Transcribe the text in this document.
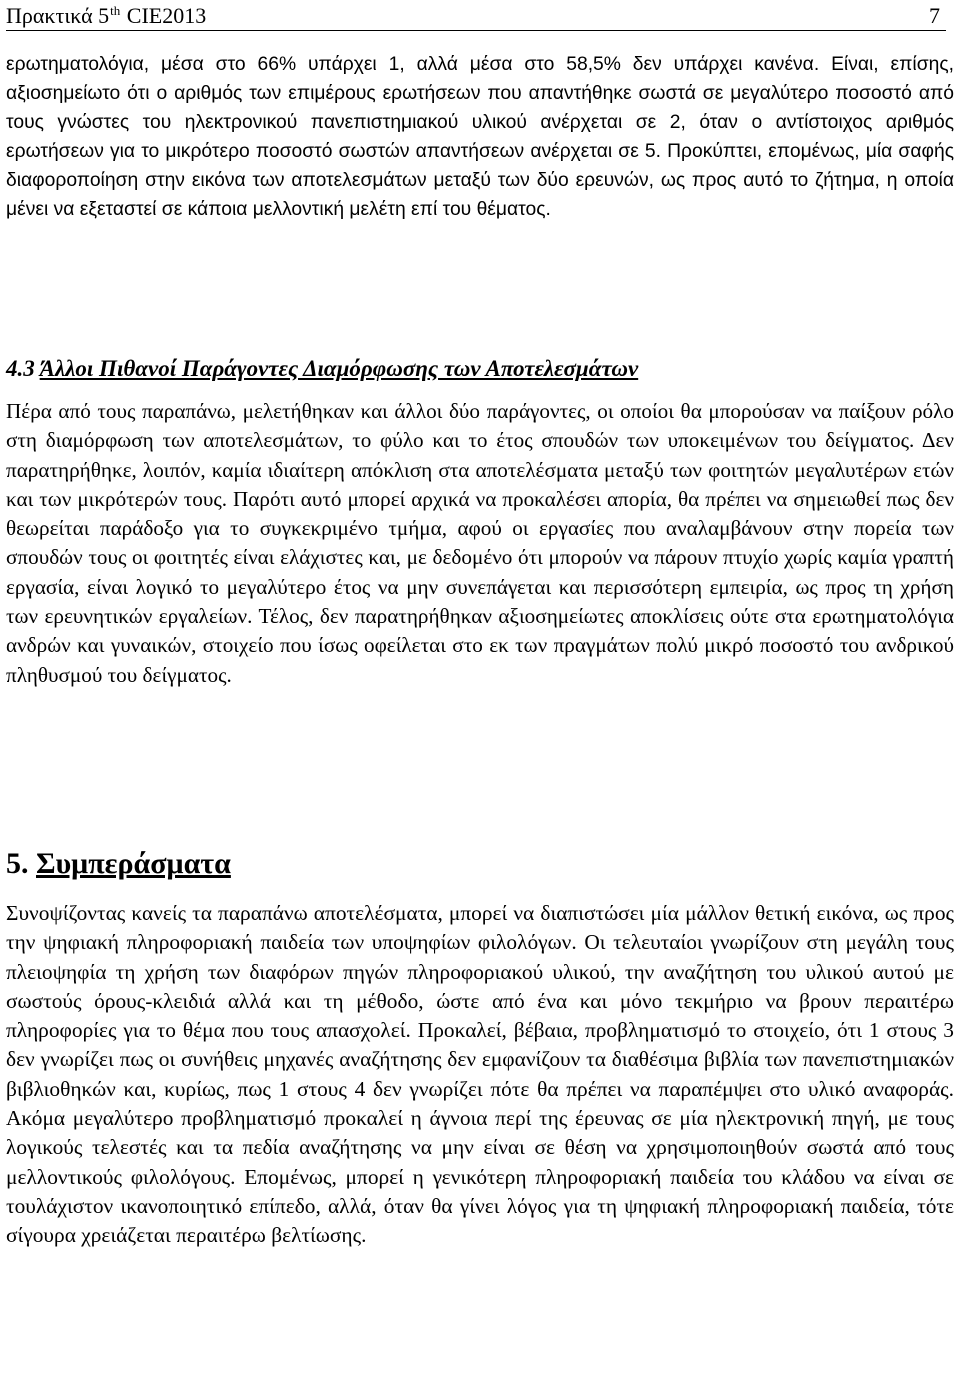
Πρακτικά 5th CIE2013	7

ερωτηματολόγια, μέσα στο 66% υπάρχει 1, αλλά μέσα στο 58,5% δεν υπάρχει κανένα. Είναι, επίσης, αξιοσημείωτο ότι ο αριθμός των επιμέρους ερωτήσεων που απαντήθηκε σωστά σε μεγαλύτερο ποσοστό από τους γνώστες του ηλεκτρονικού πανεπιστημιακού υλικού ανέρχεται σε 2, όταν ο αντίστοιχος αριθμός ερωτήσεων για το μικρότερο ποσοστό σωστών απαντήσεων ανέρχεται σε 5. Προκύπτει, επομένως, μία σαφής διαφοροποίηση στην εικόνα των αποτελεσμάτων μεταξύ των δύο ερευνών, ως προς αυτό το ζήτημα, η οποία μένει να εξεταστεί σε κάποια μελλοντική μελέτη επί του θέματος.

4.3 Άλλοι Πιθανοί Παράγοντες Διαμόρφωσης των Αποτελεσμάτων

Πέρα από τους παραπάνω, μελετήθηκαν και άλλοι δύο παράγοντες, οι οποίοι θα μπορούσαν να παίξουν ρόλο στη διαμόρφωση των αποτελεσμάτων, το φύλο και το έτος σπουδών των υποκειμένων του δείγματος. Δεν παρατηρήθηκε, λοιπόν, καμία ιδιαίτερη απόκλιση στα αποτελέσματα μεταξύ των φοιτητών μεγαλυτέρων ετών και των μικρότερών τους. Παρότι αυτό μπορεί αρχικά να προκαλέσει απορία, θα πρέπει να σημειωθεί πως δεν θεωρείται παράδοξο για το συγκεκριμένο τμήμα, αφού οι εργασίες που αναλαμβάνουν στην πορεία των σπουδών τους οι φοιτητές είναι ελάχιστες και, με δεδομένο ότι μπορούν να πάρουν πτυχίο χωρίς καμία γραπτή εργασία, είναι λογικό το μεγαλύτερο έτος να μην συνεπάγεται και περισσότερη εμπειρία, ως προς τη χρήση των ερευνητικών εργαλείων. Τέλος, δεν παρατηρήθηκαν αξιοσημείωτες αποκλίσεις ούτε στα ερωτηματολόγια ανδρών και γυναικών, στοιχείο που ίσως οφείλεται στο εκ των πραγμάτων πολύ μικρό ποσοστό του ανδρικού πληθυσμού του δείγματος.

5. Συμπεράσματα

Συνοψίζοντας κανείς τα παραπάνω αποτελέσματα, μπορεί να διαπιστώσει μία μάλλον θετική εικόνα, ως προς την ψηφιακή πληροφοριακή παιδεία των υποψηφίων φιλολόγων. Οι τελευταίοι γνωρίζουν στη μεγάλη τους πλειοψηφία τη χρήση των διαφόρων πηγών πληροφοριακού υλικού, την αναζήτηση του υλικού αυτού με σωστούς όρους-κλειδιά αλλά και τη μέθοδο, ώστε από ένα και μόνο τεκμήριο να βρουν περαιτέρω πληροφορίες για το θέμα που τους απασχολεί. Προκαλεί, βέβαια, προβληματισμό το στοιχείο, ότι 1 στους 3 δεν γνωρίζει πως οι συνήθεις μηχανές αναζήτησης δεν εμφανίζουν τα διαθέσιμα βιβλία των πανεπιστημιακών βιβλιοθηκών και, κυρίως, πως 1 στους 4 δεν γνωρίζει πότε θα πρέπει να παραπέμψει στο υλικό αναφοράς. Ακόμα μεγαλύτερο προβληματισμό προκαλεί η άγνοια περί της έρευνας σε μία ηλεκτρονική πηγή, με τους λογικούς τελεστές και τα πεδία αναζήτησης να μην είναι σε θέση να χρησιμοποιηθούν σωστά από τους μελλοντικούς φιλολόγους. Επομένως, μπορεί η γενικότερη πληροφοριακή παιδεία του κλάδου να είναι σε τουλάχιστον ικανοποιητικό επίπεδο, αλλά, όταν θα γίνει λόγος για τη ψηφιακή πληροφοριακή παιδεία, τότε σίγουρα χρειάζεται περαιτέρω βελτίωσης.
